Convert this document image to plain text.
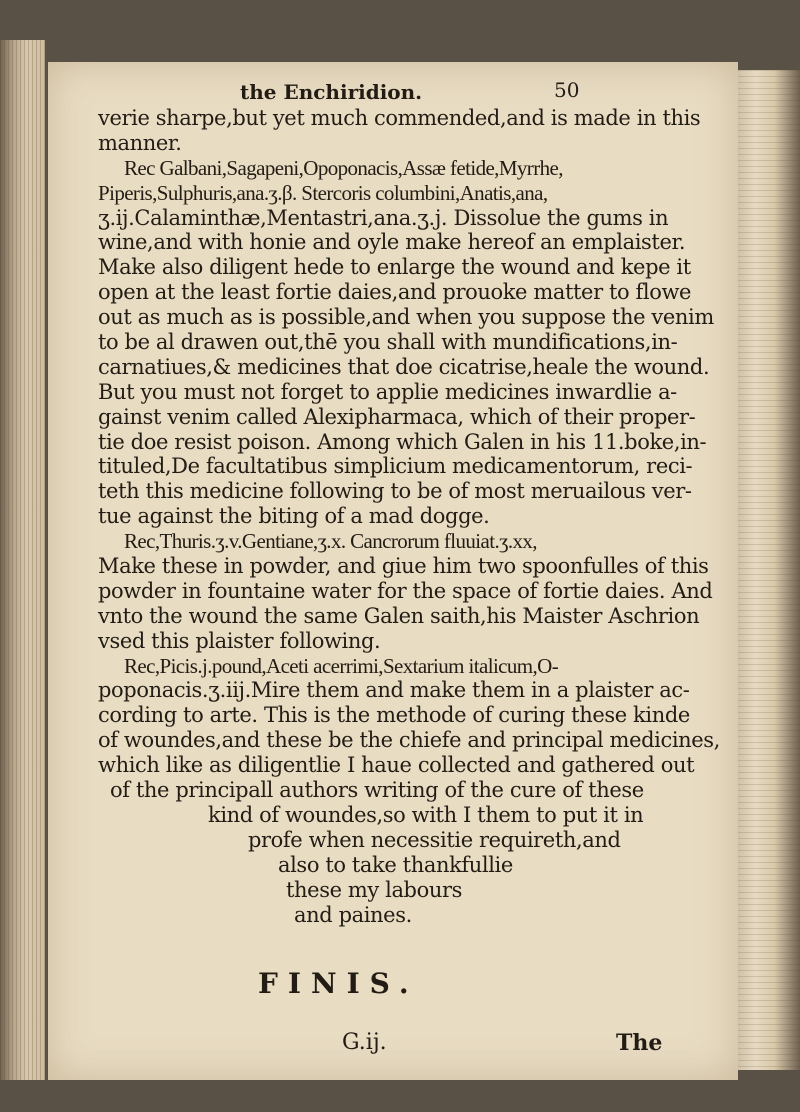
the Enchiridion.	50
verie sharpe,but yet much commended,and is made in this
manner.
Rec Galbani,Sagapeni,Opoponacis,Assæ fetide,Myrrhe,
Piperis,Sulphuris,ana.ʒ.β. Stercoris columbini,Anatis,ana,
ʒ.ij.Calaminthæ,Mentastri,ana.ʒ.j. Dissolue the gums in
wine,and with honie and oyle make hereof an emplaister.
Make also diligent hede to enlarge the wound and kepe it
open at the least fortie daies,and prouoke matter to flowe
out as much as is possible,and when you suppose the venim
to be al drawen out,thē you shall with mundifications,in-
carnatiues,& medicines that doe cicatrise,heale the wound.
But you must not forget to applie medicines inwardlie a-
gainst venim called Alexipharmaca, which of their proper-
tie doe resist poison. Among which Galen in his 11.boke,in-
tituled,De facultatibus simplicium medicamentorum, reci-
teth this medicine following to be of most meruailous ver-
tue against the biting of a mad dogge.
Rec,Thuris.ʒ.v.Gentiane,ʒ.x. Cancrorum fluuiat.ʒ.xx,
Make these in powder, and giue him two spoonfulles of this
powder in fountaine water for the space of fortie daies. And
vnto the wound the same Galen saith,his Maister Aschrion
vsed this plaister following.
Rec,Picis.j.pound,Aceti acerrimi,Sextarium italicum,O-
poponacis.ʒ.iij.Mire them and make them in a plaister ac-
cording to arte. This is the methode of curing these kinde
of woundes,and these be the chiefe and principal medicines,
which like as diligentlie I haue collected and gathered out
of the principall authors writing of the cure of these
kind of woundes,so with I them to put it in
profe when necessitie requireth,and
also to take thankfullie
these my labours
and paines.
FINIS.
G.ij.	The
